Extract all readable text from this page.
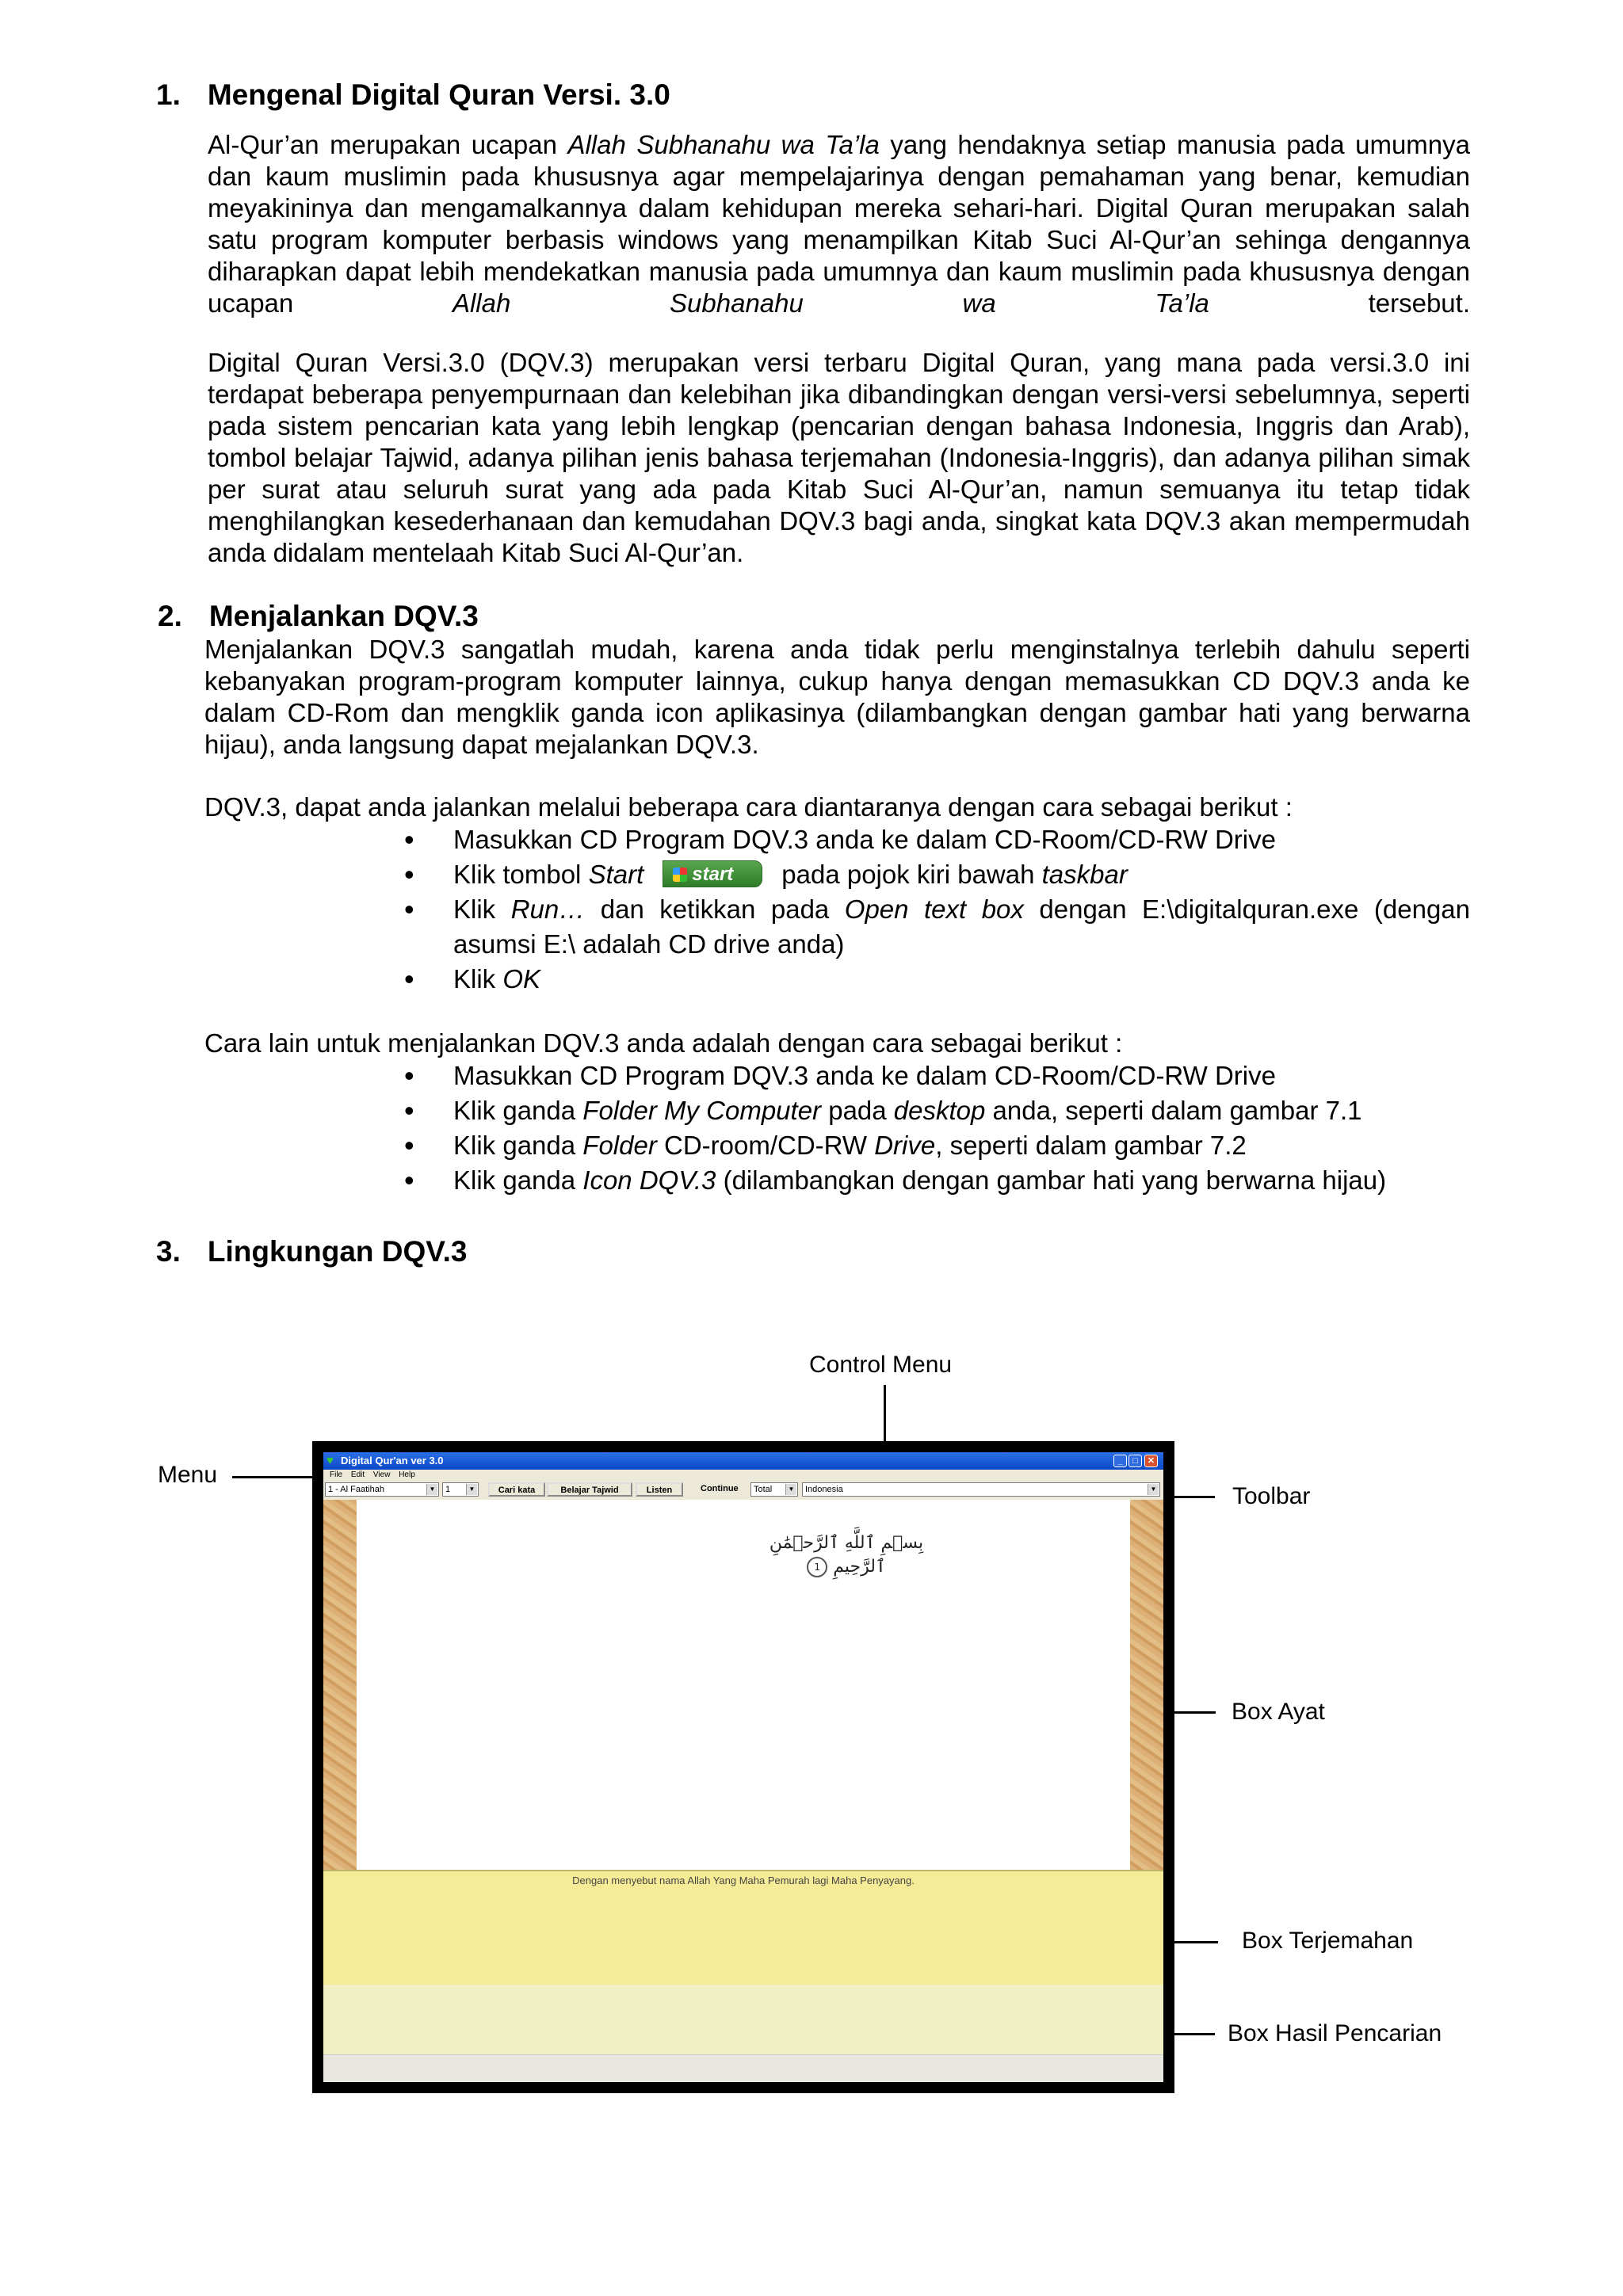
1. Mengenal Digital Quran Versi. 3.0

Al-Qur’an merupakan ucapan Allah Subhanahu wa Ta’la yang hendaknya setiap manusia pada umumnya dan kaum muslimin pada khususnya agar mempelajarinya dengan pemahaman yang benar, kemudian meyakininya dan mengamalkannya dalam kehidupan mereka sehari-hari. Digital Quran merupakan salah satu program komputer berbasis windows yang menampilkan Kitab Suci Al-Qur’an sehinga dengannya diharapkan dapat lebih mendekatkan manusia pada umumnya dan kaum muslimin pada khususnya dengan ucapan Allah Subhanahu wa Ta’la tersebut.

Digital Quran Versi.3.0 (DQV.3) merupakan versi terbaru Digital Quran, yang mana pada versi.3.0 ini terdapat beberapa penyempurnaan dan kelebihan jika dibandingkan dengan versi-versi sebelumnya, seperti pada sistem pencarian kata yang lebih lengkap (pencarian dengan bahasa Indonesia, Inggris dan Arab), tombol belajar Tajwid, adanya pilihan jenis bahasa terjemahan (Indonesia-Inggris), dan adanya pilihan simak per surat atau seluruh surat yang ada pada Kitab Suci Al-Qur’an, namun semuanya itu tetap tidak menghilangkan kesederhanaan dan kemudahan DQV.3 bagi anda, singkat kata DQV.3 akan mempermudah anda didalam mentelaah Kitab Suci Al-Qur’an.

2. Menjalankan DQV.3

Menjalankan DQV.3 sangatlah mudah, karena anda tidak perlu menginstalnya terlebih dahulu seperti kebanyakan program-program komputer lainnya, cukup hanya dengan memasukkan CD DQV.3 anda ke dalam CD-Rom dan mengklik ganda icon aplikasinya (dilambangkan dengan gambar hati yang berwarna hijau), anda langsung dapat mejalankan DQV.3.

DQV.3, dapat anda jalankan melalui beberapa cara diantaranya dengan cara sebagai berikut :

• Masukkan CD Program DQV.3 anda ke dalam CD-Room/CD-RW Drive
• Klik tombol Start	start pada pojok kiri bawah taskbar
• Klik Run… dan ketikkan pada Open text box dengan E:\digitalquran.exe (dengan
asumsi E:\ adalah CD drive anda)
• Klik OK

Cara lain untuk menjalankan DQV.3 anda adalah dengan cara sebagai berikut :

• Masukkan CD Program DQV.3 anda ke dalam CD-Room/CD-RW Drive
• Klik ganda Folder My Computer pada desktop anda, seperti dalam gambar 7.1
• Klik ganda Folder CD-room/CD-RW Drive, seperti dalam gambar 7.2
• Klik ganda Icon DQV.3 (dilambangkan dengan gambar hati yang berwarna hijau)
3. Lingkungan DQV.3
Control Menu
Menu
Toolbar
Box Ayat
Box Terjemahan
Box Hasil Pencarian
♥ Digital Qur'an ver 3.0	_	□	✕
File Edit View Help
1 - Al Faatihah	▼	1	▼	Cari kata	Belajar Tajwid	Listen	Continue	Total	▼	Indonesia	▼
بِسۡمِ ٱللَّهِ ٱلرَّحۡمَٰنِ ٱلرَّحِيمِ 1
Dengan menyebut nama Allah Yang Maha Pemurah lagi Maha Penyayang.
